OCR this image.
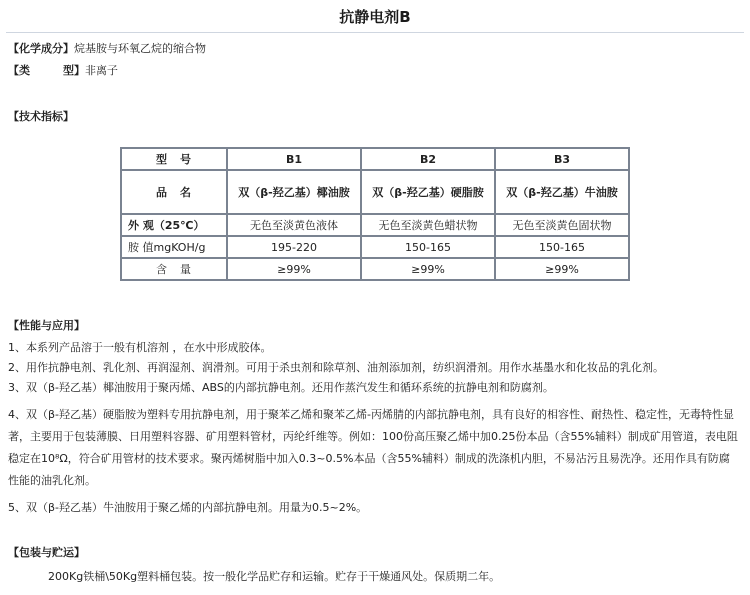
抗静电剂B
【化学成分】烷基胺与环氧乙烷的缩合物
【类　　　型】非离子
【技术指标】
型　号	B1	B2	B3
品　名	双（β-羟乙基）椰油胺	双（β-羟乙基）硬脂胺	双（β-羟乙基）牛油胺
外 观（25℃）	无色至淡黄色液体	无色至淡黄色蜡状物	无色至淡黄色固状物
胺 值mgKOH/g	195-220	150-165	150-165
含　量	≥99%	≥99%	≥99%
【性能与应用】
1、本系列产品溶于一般有机溶剂 ，在水中形成胶体。
2、用作抗静电剂、乳化剂、再润湿剂、润滑剂。可用于杀虫剂和除草剂、油剂添加剂，纺织润滑剂。用作水基墨水和化妆品的乳化剂。
3、双（β-羟乙基）椰油胺用于聚丙烯、ABS的内部抗静电剂。还用作蒸汽发生和循环系统的抗静电剂和防腐剂。
4、双（β-羟乙基）硬脂胺为塑料专用抗静电剂，用于聚苯乙烯和聚苯乙烯-丙烯腈的内部抗静电剂，具有良好的相容性、耐热性、稳定性，无毒特性显著，主要用于包装薄膜、日用塑料容器、矿用塑料管材，丙纶纤维等。例如：100份高压聚乙烯中加0.25份本品（含55%辅料）制成矿用管道，表电阻稳定在10⁸Ω，符合矿用管材的技术要求。聚丙烯树脂中加入0.3~0.5%本品（含55%辅料）制成的洗涤机内胆，不易沾污且易洗净。还用作具有防腐性能的油乳化剂。
5、双（β-羟乙基）牛油胺用于聚乙烯的内部抗静电剂。用量为0.5~2%。
【包装与贮运】
200Kg铁桶\50Kg塑料桶包装。按一般化学品贮存和运输。贮存于干燥通风处。保质期二年。
